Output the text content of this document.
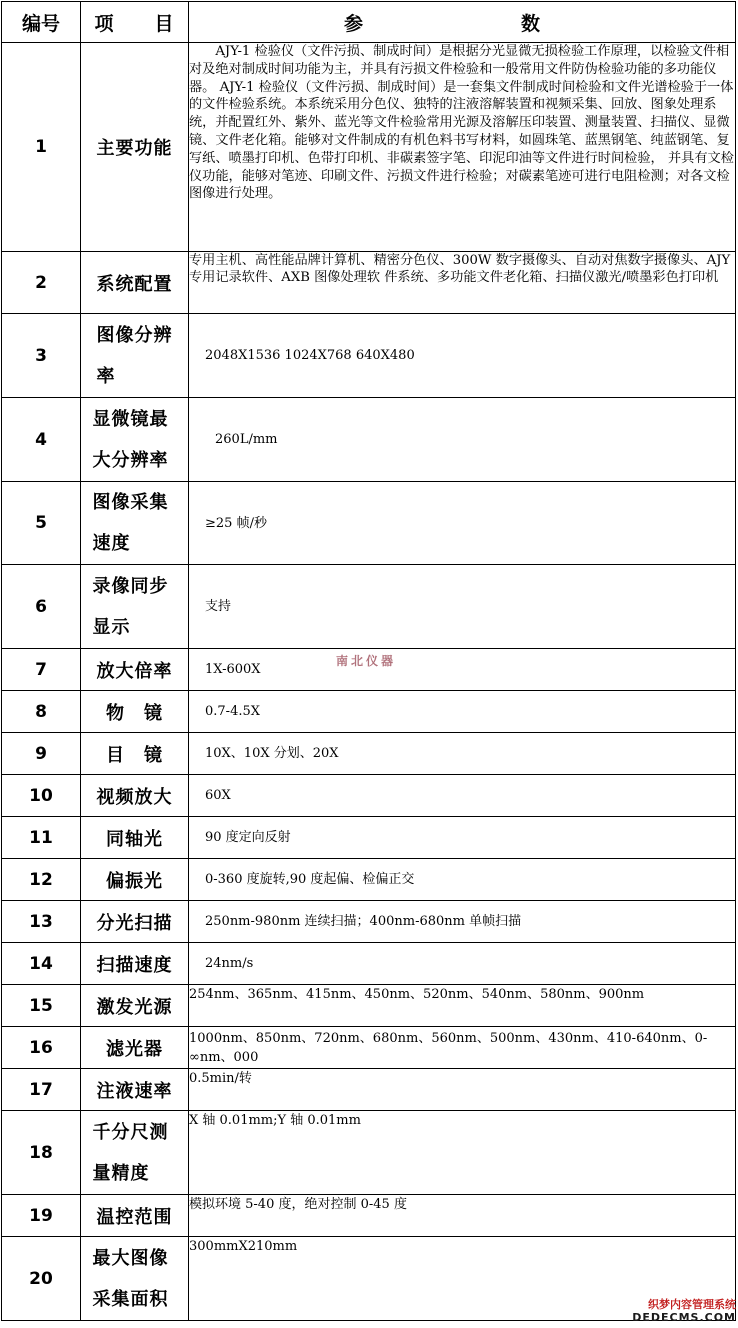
编号	项　　目	参　　数
1	主要功能	AJY-1 检验仪（文件污损、制成时间）是根据分光显微无损检验工作原理，以检验文件相对及绝对制成时间功能为主，并具有污损文件检验和一般常用文件防伪检验功能的多功能仪器。 AJY-1 检验仪（文件污损、制成时间）是一套集文件制成时间检验和文件光谱检验于一体的文件检验系统。本系统采用分色仪、独特的注液溶解装置和视频采集、回放、图象处理系统，并配置红外、紫外、蓝光等文件检验常用光源及溶解压印装置、测量装置、扫描仪、显微镜、文件老化箱。能够对文件制成的有机色料书写材料，如圆珠笔、蓝黑钢笔、纯蓝钢笔、复写纸、喷墨打印机、色带打印机、非碳素签字笔、印泥印油等文件进行时间检验， 并具有文检仪功能，能够对笔迹、印刷文件、污损文件进行检验；对碳素笔迹可进行电阻检测；对各文检图像进行处理。
2	系统配置	专用主机、高性能品牌计算机、精密分色仪、300W 数字摄像头、自动对焦数字摄像头、AJY 专用记录软件、AXB 图像处理软 件系统、多功能文件老化箱、扫描仪激光/喷墨彩色打印机
3	图像分辨率	2048X1536 1024X768 640X480

4	显微镜最大分辨率	260L/mm

5	图像采集速度	≥25 帧/秒

6	录像同步显示	支持

7	放大倍率	1X-600X

8	物　镜	0.7-4.5X

9	目　镜	10X、10X 分划、20X

10	视频放大	60X

11	同轴光	90 度定向反射

12	偏振光	0-360 度旋转,90 度起偏、检偏正交

13	分光扫描	250nm-980nm 连续扫描；400nm-680nm 单帧扫描

14	扫描速度	24nm/s

15	激发光源	254nm、365nm、415nm、450nm、520nm、540nm、580nm、900nm
16	滤光器	1000nm、850nm、720nm、680nm、560nm、500nm、430nm、410-640nm、0-∞nm、000
17	注液速率	0.5min/转
18	千分尺测量精度	X 轴 0.01mm;Y 轴 0.01mm
19	温控范围	模拟环境 5-40 度，绝对控制 0-45 度
20	最大图像采集面积	300mmX210mm
南北仪器
织梦内容管理系统
DEDECMS.COM
